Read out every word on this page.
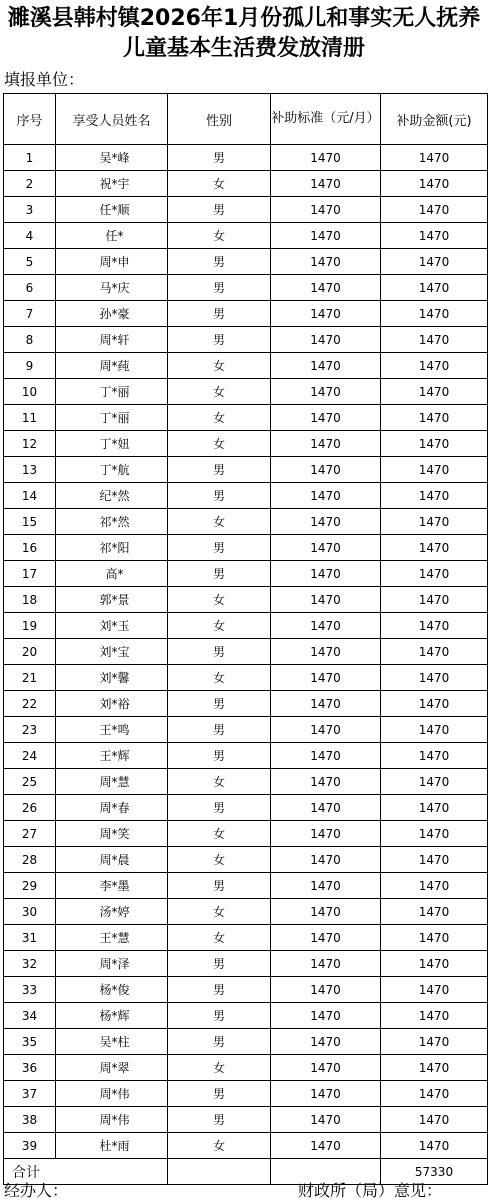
濉溪县韩村镇2026年1月份孤儿和事实无人抚养
儿童基本生活费发放清册
填报单位：
序号	享受人员姓名	性别	补助标准（元/月）	补助金额(元)
1	吴*峰	男	1470	1470
2	祝*宇	女	1470	1470
3	任*顺	男	1470	1470
4	任*	女	1470	1470
5	周*申	男	1470	1470
6	马*庆	男	1470	1470
7	孙*豪	男	1470	1470
8	周*轩	男	1470	1470
9	周*莼	女	1470	1470
10	丁*丽	女	1470	1470
11	丁*丽	女	1470	1470
12	丁*妞	女	1470	1470
13	丁*航	男	1470	1470
14	纪*然	男	1470	1470
15	祁*然	女	1470	1470
16	祁*阳	男	1470	1470
17	高*	男	1470	1470
18	郭*景	女	1470	1470
19	刘*玉	女	1470	1470
20	刘*宝	男	1470	1470
21	刘*馨	女	1470	1470
22	刘*裕	男	1470	1470
23	王*鸣	男	1470	1470
24	王*辉	男	1470	1470
25	周*慧	女	1470	1470
26	周*春	男	1470	1470
27	周*笑	女	1470	1470
28	周*晨	女	1470	1470
29	李*墨	男	1470	1470
30	汤*婷	女	1470	1470
31	王*慧	女	1470	1470
32	周*泽	男	1470	1470
33	杨*俊	男	1470	1470
34	杨*辉	男	1470	1470
35	吴*柱	男	1470	1470
36	周*翠	女	1470	1470
37	周*伟	男	1470	1470
38	周*伟	男	1470	1470
39	杜*雨	女	1470	1470
合计				57330
经办人：	财政所（局）意见：
